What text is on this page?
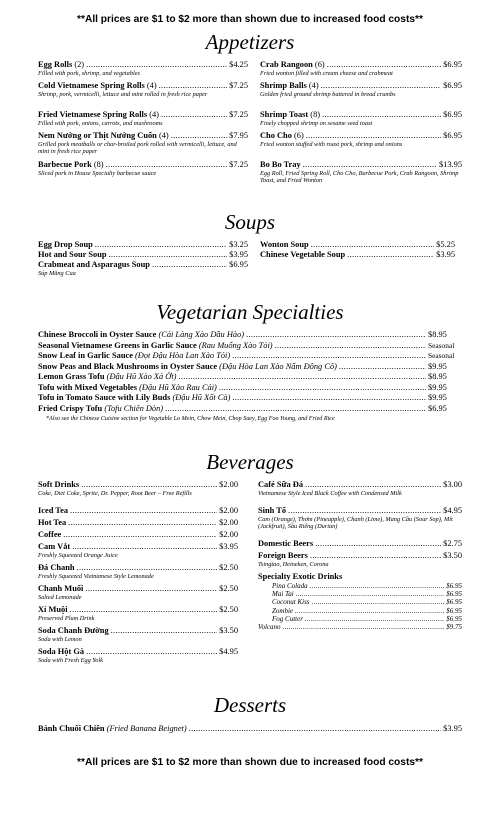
**All prices are $1 to $2 more than shown due to increased food costs**
Appetizers
Egg Rolls (2) .....	$4.25
Filled with pork, shrimp, and vegetables
Cold Vietnamese Spring Rolls (4) .....	$7.25
Shrimp, pork, vermicelli, lettuce and mint rolled in fresh rice paper
Fried Vietnamese Spring Rolls (4) .....	$7.25
Filled with pork, onions, carrots, and mushrooms
Nem Nướng or Thịt Nướng Cuốn (4) .....	$7.95
Grilled pork meatballs or char-broiled pork rolled with vermicelli, lettuce, and mint in fresh rice paper
Barbecue Pork (8) .....	$7.25
Sliced pork in House Specialty barbecue sauce
Crab Rangoon (6) .....	$6.95
Fried wonton filled with cream cheese and crabmeat
Shrimp Balls (4) .....	$6.95
Golden fried ground shrimp battered in bread crumbs
Shrimp Toast (8) .....	$6.95
Finely chopped shrimp on sesame seed toast
Cho Cho (6) .....	$6.95
Fried wonton stuffed with roast pork, shrimp and onions
Bo Bo Tray .....	$13.95
Egg Roll, Fried Spring Roll, Cho Cho, Barbecue Pork, Crab Rangoon, Shrimp Toast, and Fried Wonton
Soups
Egg Drop Soup .....	$3.25
Hot and Sour Soup .....	$3.95
Crabmeat and Asparagus Soup .....	$6.95
Súp Măng Cua
Wonton Soup .....	$5.25
Chinese Vegetable Soup .....	$3.95
Vegetarian Specialties
Chinese Broccoli in Oyster Sauce (Cải Làng Xào Dầu Hào) .....	$8.95
Seasonal Vietnamese Greens in Garlic Sauce (Rau Muống Xào Tỏi) .....	Seasonal
Snow Leaf in Garlic Sauce (Đọt Đậu Hòa Lan Xào Tỏi) .....	Seasonal
Snow Peas and Black Mushrooms in Oyster Sauce (Đậu Hòa Lan Xào Nấm Đông Cô) .....	$9.95
Lemon Grass Tofu (Đậu Hũ Xào Xả Ớt) .....	$8.95
Tofu with Mixed Vegetables (Đậu Hũ Xào Rau Cải) .....	$9.95
Tofu in Tomato Sauce with Lily Buds (Đậu Hũ Xốt Cà) .....	$9.95
Fried Crispy Tofu (Tofu Chiên Dòn) .....	$6.95
*Also see the Chinese Cuisine section for Vegetable Lo Mein, Chow Mein, Chop Suey, Egg Foo Young, and Fried Rice
Beverages
Soft Drinks .....	$2.00
Coke, Diet Coke, Sprite, Dr. Pepper, Root Beer – Free Refills
Iced Tea .....	$2.00
Hot Tea .....	$2.00
Coffee .....	$2.00
Cam Vắt .....	$3.95
Freshly Squeezed Orange Juice
Đá Chanh .....	$2.50
Freshly Squeezed Vietnamese Style Lemonade
Chanh Muối .....	$2.50
Salted Lemonade
Xí Muội .....	$2.50
Preserved Plum Drink
Soda Chanh Đường .....	$3.50
Soda with Lemon
Soda Hột Gà .....	$4.95
Soda with Fresh Egg Yolk
Café Sữa Đá .....	$3.00
Vietnamese Style Iced Black Coffee with Condensed Milk
Sinh Tố .....	$4.95
Cam (Orange), Thơm (Pineapple), Chanh (Lime), Mang Cầu (Sour Sop), Mít (Jackfruit), Sầu Riêng (Durian)
Domestic Beers .....	$2.75
Foreign Beers .....	$3.50
Tsingtao, Heineken, Corona
Specialty Exotic Drinks
Pina Colada .....	$6.95
Mai Tai .....	$6.95
Coconut Kiss .....	$6.95
Zombie .....	$6.95
Fog Cutter .....	$6.95
Volcano .....	$9.75
Desserts
Bánh Chuối Chiên (Fried Banana Beignet) .....	$3.95
**All prices are $1 to $2 more than shown due to increased food costs**
